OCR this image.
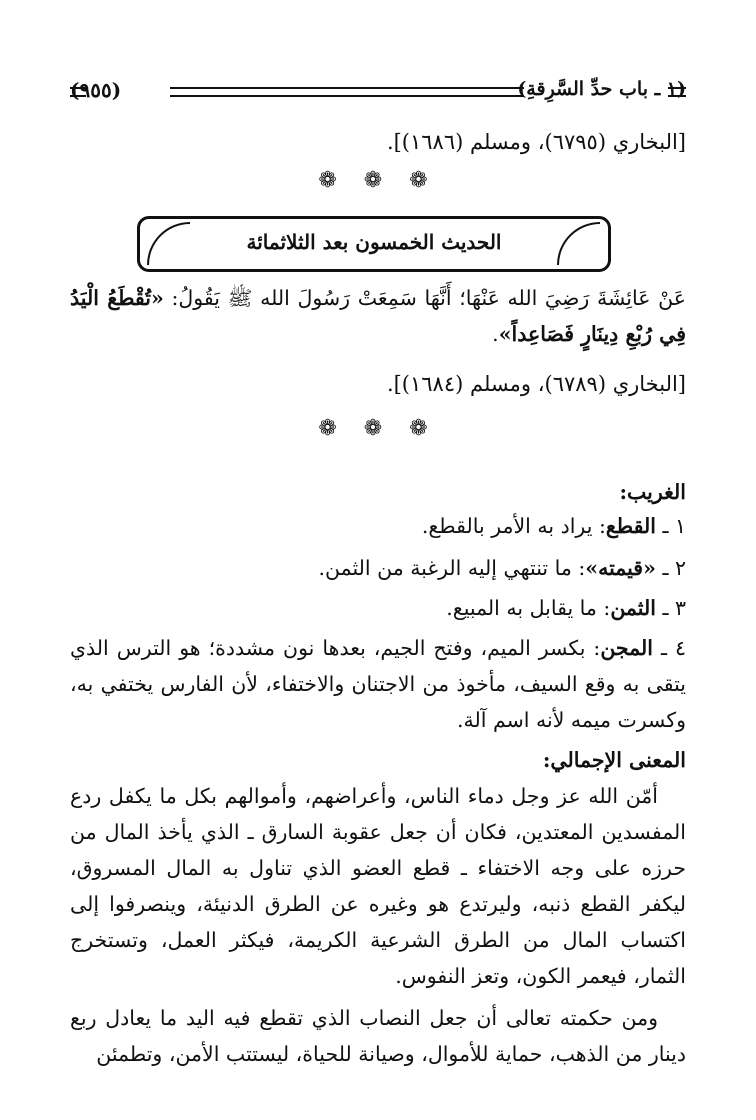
(١ ـ باب حدِّ السَّرِقةِ)
(٩٥٥)
[البخاري (٦٧٩٥)، ومسلم (١٦٨٦)].
❁ ❁ ❁
الحديث الخمسون بعد الثلاثمائة
عَنْ عَائِشَةَ رَضِيَ الله عَنْهَا؛ أَنَّهَا سَمِعَتْ رَسُولَ الله ﷺ يَقُولُ: «تُقْطَعُ الْيَدُ فِي رُبْعِ دِينَارٍ فَصَاعِداً».
[البخاري (٦٧٨٩)، ومسلم (١٦٨٤)].
❁ ❁ ❁
الغريب:
١ ـ القطع: يراد به الأمر بالقطع.
٢ ـ «قيمته»: ما تنتهي إليه الرغبة من الثمن.
٣ ـ الثمن: ما يقابل به المبيع.
٤ ـ المجن: بكسر الميم، وفتح الجيم، بعدها نون مشددة؛ هو الترس الذي يتقى به وقع السيف، مأخوذ من الاجتنان والاختفاء، لأن الفارس يختفي به، وكسرت ميمه لأنه اسم آلة.
المعنى الإجمالي:
أمّن الله عز وجل دماء الناس، وأعراضهم، وأموالهم بكل ما يكفل ردع المفسدين المعتدين، فكان أن جعل عقوبة السارق ـ الذي يأخذ المال من حرزه على وجه الاختفاء ـ قطع العضو الذي تناول به المال المسروق، ليكفر القطع ذنبه، وليرتدع هو وغيره عن الطرق الدنيئة، وينصرفوا إلى اكتساب المال من الطرق الشرعية الكريمة، فيكثر العمل، وتستخرج الثمار، فيعمر الكون، وتعز النفوس.
ومن حكمته تعالى أن جعل النصاب الذي تقطع فيه اليد ما يعادل ربع دينار من الذهب، حماية للأموال، وصيانة للحياة، ليستتب الأمن، وتطمئن
